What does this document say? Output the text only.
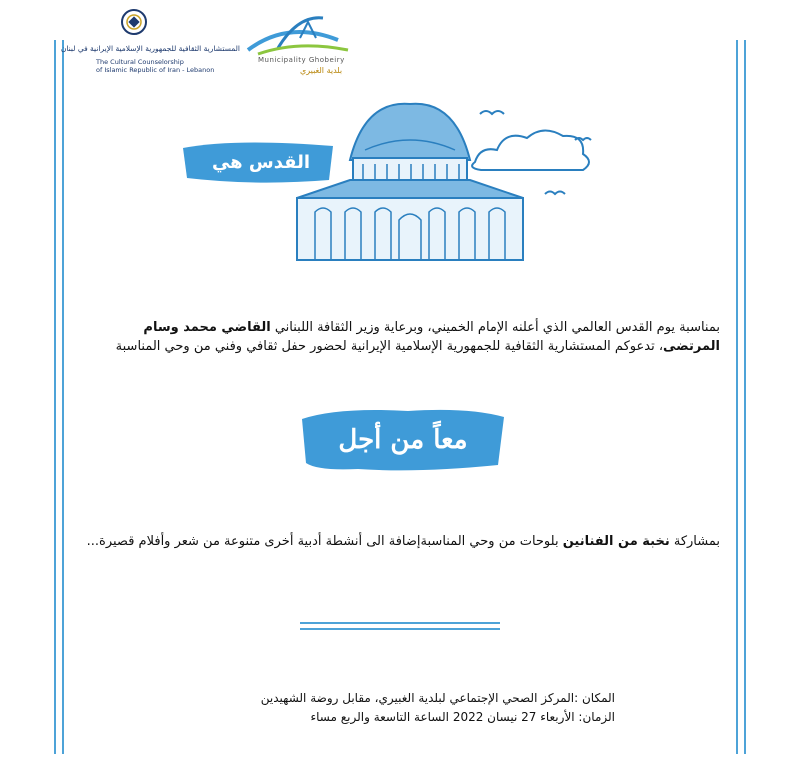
المستشارية الثقافية للجمهورية الإسلامية الإيرانية في لبنان
The Cultural Counselorship
of Islamic Republic of Iran - Lebanon
Municipality Ghobeiry
بلدية الغبيري
القدس هي المحور
بمناسبة يوم القدس العالمي الذي أعلنه الإمام الخميني، وبرعاية وزير الثقافة اللبناني القاضي محمد وسام المرتضى، تدعوكم المستشارية الثقافية للجمهورية الإسلامية الإيرانية لحضور حفل ثقافي وفني من وحي المناسبة
معاً من أجل القدس
بمشاركة نخبة من الفنانين بلوحات من وحي المناسبةإضافة الى أنشطة أدبية أخرى متنوعة من شعر وأفلام قصيرة...
المكان :المركز الصحي الإجتماعي لبلدية الغبيري، مقابل روضة الشهيدين
الزمان: الأربعاء 27 نيسان 2022 الساعة التاسعة والربع مساء
